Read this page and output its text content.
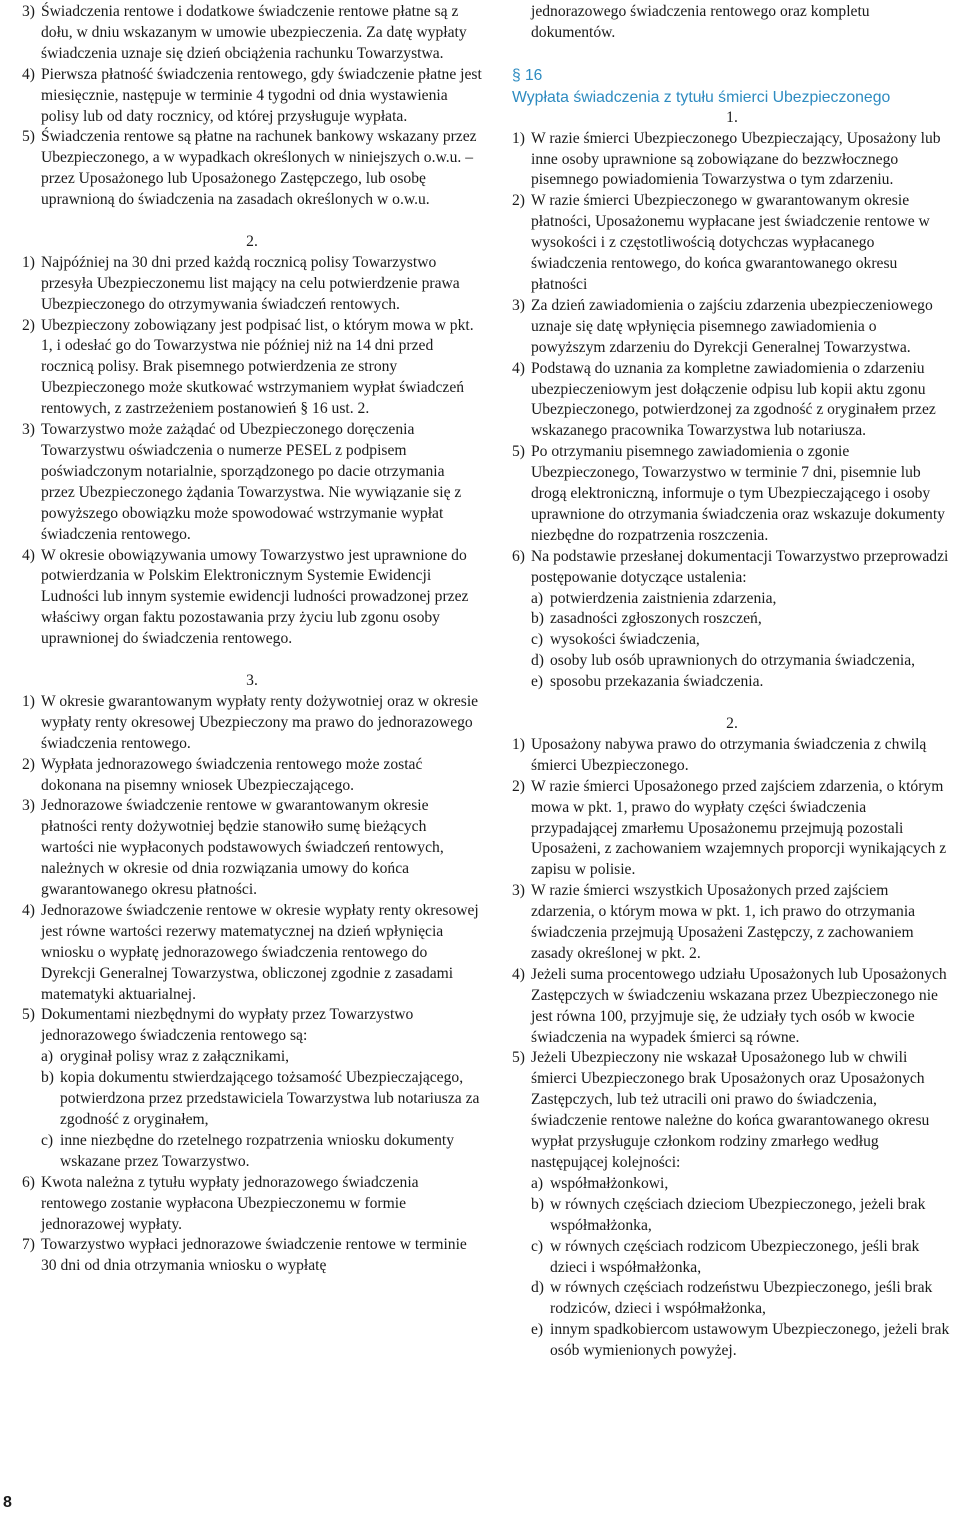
3) Świadczenia rentowe i dodatkowe świadczenie rentowe płatne są z dołu, w dniu wskazanym w umowie ubezpieczenia. Za datę wypłaty świadczenia uznaje się dzień obciążenia rachunku Towarzystwa.

4) Pierwsza płatność świadczenia rentowego, gdy świadczenie płatne jest miesięcznie, następuje w terminie 4 tygodni od dnia wystawienia polisy lub od daty rocznicy, od której przysługuje wypłata.

5) Świadczenia rentowe są płatne na rachunek bankowy wskazany przez Ubezpieczonego, a w wypadkach określonych w niniejszych o.w.u. – przez Uposażonego lub Uposażonego Zastępczego, lub osobę uprawnioną do świadczenia na zasadach określonych w o.w.u.

2.

1) Najpóźniej na 30 dni przed każdą rocznicą polisy Towarzystwo przesyła Ubezpieczonemu list mający na celu potwierdzenie prawa Ubezpieczonego do otrzymywania świadczeń rentowych.

2) Ubezpieczony zobowiązany jest podpisać list, o którym mowa w pkt. 1, i odesłać go do Towarzystwa nie później niż na 14 dni przed rocznicą polisy. Brak pisemnego potwierdzenia ze strony Ubezpieczonego może skutkować wstrzymaniem wypłat świadczeń rentowych, z zastrzeżeniem postanowień § 16 ust. 2.

3) Towarzystwo może zażądać od Ubezpieczonego doręczenia Towarzystwu oświadczenia o numerze PESEL z podpisem poświadczonym notarialnie, sporządzonego po dacie otrzymania przez Ubezpieczonego żądania Towarzystwa. Nie wywiązanie się z powyższego obowiązku może spowodować wstrzymanie wypłat świadczenia rentowego.

4) W okresie obowiązywania umowy Towarzystwo jest uprawnione do potwierdzania w Polskim Elektronicznym Systemie Ewidencji Ludności lub innym systemie ewidencji ludności prowadzonej przez właściwy organ faktu pozostawania przy życiu lub zgonu osoby uprawnionej do świadczenia rentowego.

3.

1) W okresie gwarantowanym wypłaty renty dożywotniej oraz w okresie wypłaty renty okresowej Ubezpieczony ma prawo do jednorazowego świadczenia rentowego.

2) Wypłata jednorazowego świadczenia rentowego może zostać dokonana na pisemny wniosek Ubezpieczającego.

3) Jednorazowe świadczenie rentowe w gwarantowanym okresie płatności renty dożywotniej będzie stanowiło sumę bieżących wartości nie wypłaconych podstawowych świadczeń rentowych, należnych w okresie od dnia rozwiązania umowy do końca gwarantowanego okresu płatności.

4) Jednorazowe świadczenie rentowe w okresie wypłaty renty okresowej jest równe wartości rezerwy matematycznej na dzień wpłynięcia wniosku o wypłatę jednorazowego świadczenia rentowego do Dyrekcji Generalnej Towarzystwa, obliczonej zgodnie z zasadami matematyki aktuarialnej.

5) Dokumentami niezbędnymi do wypłaty przez Towarzystwo jednorazowego świadczenia rentowego są:

a) oryginał polisy wraz z załącznikami,

b) kopia dokumentu stwierdzającego tożsamość Ubezpieczającego, potwierdzona przez przedstawiciela Towarzystwa lub notariusza za zgodność z oryginałem,

c) inne niezbędne do rzetelnego rozpatrzenia wniosku dokumenty wskazane przez Towarzystwo.

6) Kwota należna z tytułu wypłaty jednorazowego świadczenia rentowego zostanie wypłacona Ubezpieczonemu w formie jednorazowej wypłaty.

7) Towarzystwo wypłaci jednorazowe świadczenie rentowe w terminie 30 dni od dnia otrzymania wniosku o wypłatę

jednorazowego świadczenia rentowego oraz kompletu dokumentów.

§ 16

Wypłata świadczenia z tytułu śmierci Ubezpieczonego

1.

1) W razie śmierci Ubezpieczonego Ubezpieczający, Uposażony lub inne osoby uprawnione są zobowiązane do bezzwłocznego pisemnego powiadomienia Towarzystwa o tym zdarzeniu.

2) W razie śmierci Ubezpieczonego w gwarantowanym okresie płatności, Uposażonemu wypłacane jest świadczenie rentowe w wysokości i z częstotliwością dotychczas wypłacanego świadczenia rentowego, do końca gwarantowanego okresu płatności

3) Za dzień zawiadomienia o zajściu zdarzenia ubezpieczeniowego uznaje się datę wpłynięcia pisemnego zawiadomienia o powyższym zdarzeniu do Dyrekcji Generalnej Towarzystwa.

4) Podstawą do uznania za kompletne zawiadomienia o zdarzeniu ubezpieczeniowym jest dołączenie odpisu lub kopii aktu zgonu Ubezpieczonego, potwierdzonej za zgodność z oryginałem przez wskazanego pracownika Towarzystwa lub notariusza.

5) Po otrzymaniu pisemnego zawiadomienia o zgonie Ubezpieczonego, Towarzystwo w terminie 7 dni, pisemnie lub drogą elektroniczną, informuje o tym Ubezpieczającego i osoby uprawnione do otrzymania świadczenia oraz wskazuje dokumenty niezbędne do rozpatrzenia roszczenia.

6) Na podstawie przesłanej dokumentacji Towarzystwo przeprowadzi postępowanie dotyczące ustalenia:

a) potwierdzenia zaistnienia zdarzenia,

b) zasadności zgłoszonych roszczeń,

c) wysokości świadczenia,

d) osoby lub osób uprawnionych do otrzymania świadczenia,

e) sposobu przekazania świadczenia.

2.

1) Uposażony nabywa prawo do otrzymania świadczenia z chwilą śmierci Ubezpieczonego.

2) W razie śmierci Uposażonego przed zajściem zdarzenia, o którym mowa w pkt. 1, prawo do wypłaty części świadczenia przypadającej zmarłemu Uposażonemu przejmują pozostali Uposażeni, z zachowaniem wzajemnych proporcji wynikających z zapisu w polisie.

3) W razie śmierci wszystkich Uposażonych przed zajściem zdarzenia, o którym mowa w pkt. 1, ich prawo do otrzymania świadczenia przejmują Uposażeni Zastępczy, z zachowaniem zasady określonej w pkt. 2.

4) Jeżeli suma procentowego udziału Uposażonych lub Uposażonych Zastępczych w świadczeniu wskazana przez Ubezpieczonego nie jest równa 100, przyjmuje się, że udziały tych osób w kwocie świadczenia na wypadek śmierci są równe.

5) Jeżeli Ubezpieczony nie wskazał Uposażonego lub w chwili śmierci Ubezpieczonego brak Uposażonych oraz Uposażonych Zastępczych, lub też utracili oni prawo do świadczenia, świadczenie rentowe należne do końca gwarantowanego okresu wypłat przysługuje członkom rodziny zmarłego według następującej kolejności:

a) współmałżonkowi,

b) w równych częściach dzieciom Ubezpieczonego, jeżeli brak współmałżonka,

c) w równych częściach rodzicom Ubezpieczonego, jeśli brak dzieci i współmałżonka,

d) w równych częściach rodzeństwu Ubezpieczonego, jeśli brak rodziców, dzieci i współmałżonka,

e) innym spadkobiercom ustawowym Ubezpieczonego, jeżeli brak osób wymienionych powyżej.

8
